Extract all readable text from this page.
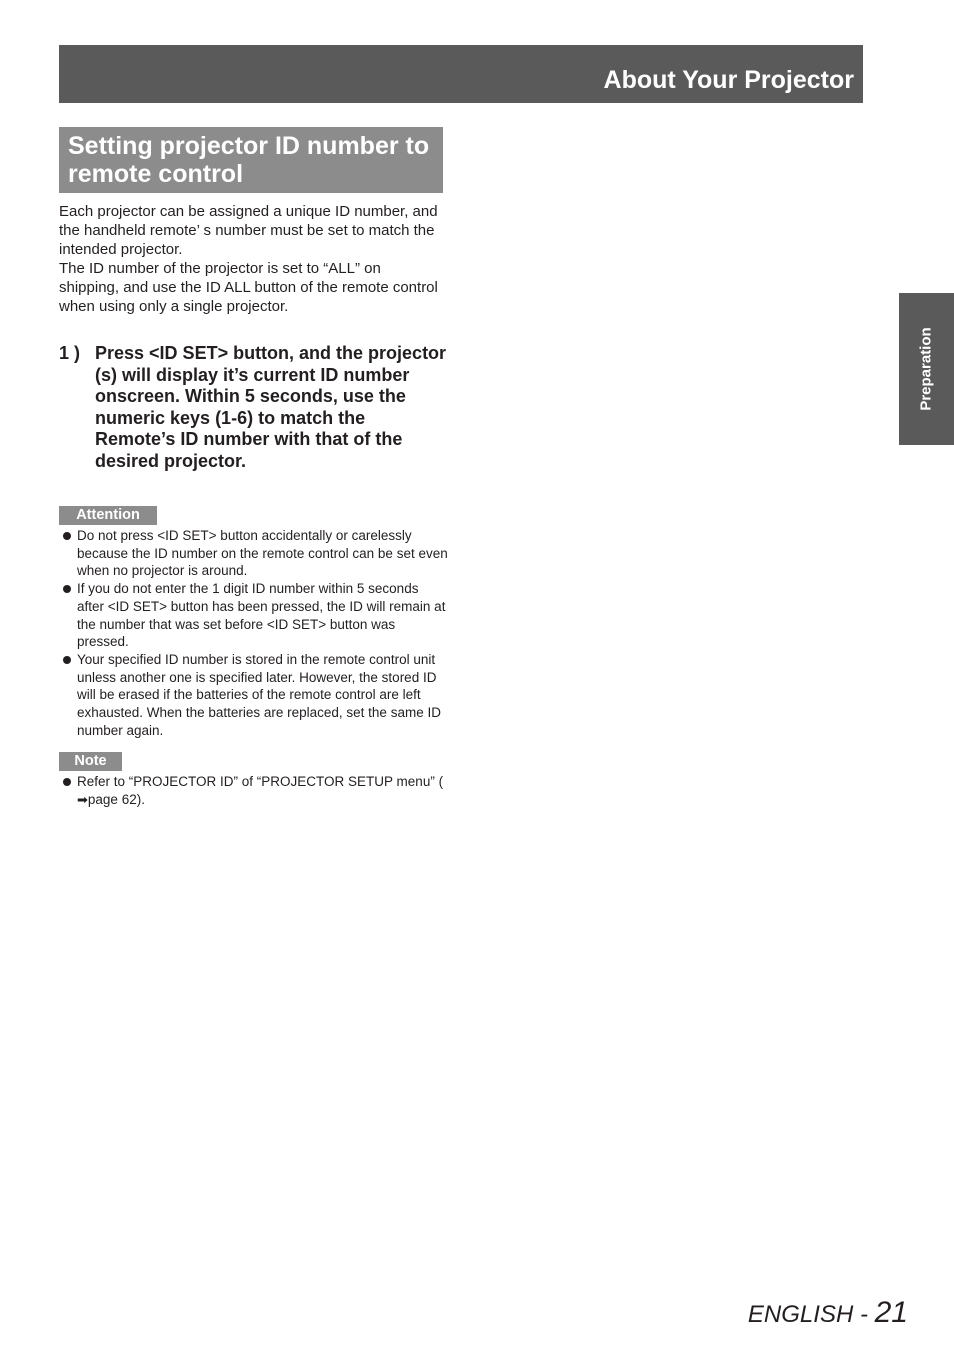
About Your Projector
Setting projector ID number to remote control

Each projector can be assigned a unique ID number, and the handheld remote’ s number must be set to match the intended projector.

The ID number of the projector is set to “ALL” on shipping, and use the ID ALL button of the remote control when using only a single projector.

1 ) Press <ID SET> button, and the projector (s) will display it’s current ID number onscreen. Within 5 seconds, use the numeric keys (1-6) to match the Remote’s ID number with that of the desired projector.
Attention
Do not press <ID SET> button accidentally or carelessly because the ID number on the remote control can be set even when no projector is around.
If you do not enter the 1 digit ID number within 5 seconds after <ID SET> button has been pressed, the ID will remain at the number that was set before <ID SET> button was pressed.
Your specified ID number is stored in the remote control unit unless another one is specified later. However, the stored ID will be erased if the batteries of the remote control are left exhausted. When the batteries are replaced, set the same ID number again.
Note
Refer to “PROJECTOR ID” of “PROJECTOR SETUP menu” (➡page 62).
Preparation
ENGLISH - 21
